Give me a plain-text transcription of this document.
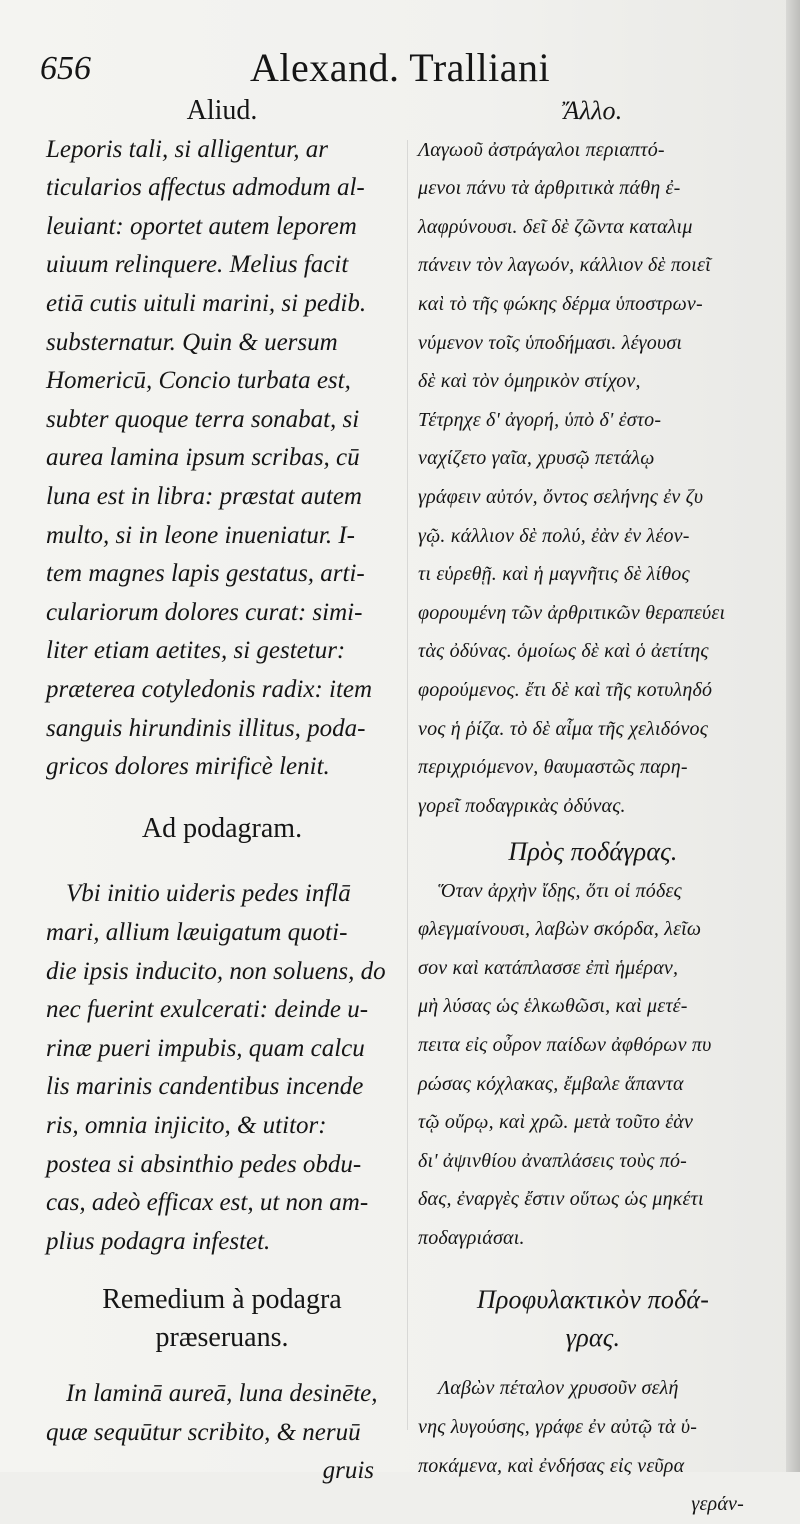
656	Alexand. Tralliani
Aliud.
Leporis tali, si alligentur, ar
ticularios affectus admodum al-
leuiant: oportet autem leporem
uiuum relinquere. Melius facit
etiā cutis uituli marini, si pedib.
substernatur. Quin & uersum
Homericū, Concio turbata est,
subter quoque terra sonabat, si
aurea lamina ipsum scribas, cū
luna est in libra: præstat autem
multo, si in leone inueniatur. I-
tem magnes lapis gestatus, arti-
culariorum dolores curat: simi-
liter etiam aetites, si gestetur:
præterea cotyledonis radix: item
sanguis hirundinis illitus, poda-
gricos dolores mirificè lenit.
Ad podagram.
Vbi initio uideris pedes inflā
mari, allium læuigatum quoti-
die ipsis inducito, non soluens, do
nec fuerint exulcerati: deinde u-
rinæ pueri impubis, quam calcu
lis marinis candentibus incende
ris, omnia injicito, & utitor:
postea si absinthio pedes obdu-
cas, adeò efficax est, ut non am-
plius podagra infestet.
Remedium à podagra
præseruans.
In laminā aureā, luna desinēte,
quæ sequūtur scribito, & neruū
gruis
Ἄλλο.
Λαγωοῦ ἀστράγαλοι περιαπτό-
μενοι πάνυ τὰ ἀρθριτικὰ πάθη ἐ-
λαφρύνουσι. δεῖ δὲ ζῶντα καταλιμ
πάνειν τὸν λαγωόν, κάλλιον δὲ ποιεῖ
καὶ τὸ τῆς φώκης δέρμα ὑποστρων-
νύμενον τοῖς ὑποδήμασι. λέγουσι
δὲ καὶ τὸν ὁμηρικὸν στίχον,
Τέτρηχε δ' ἀγορή, ὑπὸ δ' ἐστο-
ναχίζετο γαῖα, χρυσῷ πετάλῳ
γράφειν αὐτόν, ὄντος σελήνης ἐν ζυ
γῷ. κάλλιον δὲ πολύ, ἐὰν ἐν λέον-
τι εὑρεθῇ. καὶ ἡ μαγνῆτις δὲ λίθος
φορουμένη τῶν ἀρθριτικῶν θεραπεύει
τὰς ὀδύνας. ὁμοίως δὲ καὶ ὁ ἀετίτης
φορούμενος. ἔτι δὲ καὶ τῆς κοτυληδό
νος ἡ ῥίζα. τὸ δὲ αἷμα τῆς χελιδόνος
περιχριόμενον, θαυμαστῶς παρη-
γορεῖ ποδαγρικὰς ὀδύνας.
Πρὸς ποδάγρας.
Ὅταν ἀρχὴν ἴδῃς, ὅτι οἱ πόδες
φλεγμαίνουσι, λαβὼν σκόρδα, λεῖω
σον καὶ κατάπλασσε ἐπὶ ἡμέραν,
μὴ λύσας ὡς ἑλκωθῶσι, καὶ μετέ-
πειτα εἰς οὖρον παίδων ἀφθόρων πυ
ρώσας κόχλακας, ἔμβαλε ἅπαντα
τῷ οὔρῳ, καὶ χρῶ. μετὰ τοῦτο ἐὰν
δι' ἀψινθίου ἀναπλάσεις τοὺς πό-
δας, ἐναργὲς ἔστιν οὕτως ὡς μηκέτι
ποδαγριάσαι.
Προφυλακτικὸν ποδά-
γρας.
Λαβὼν πέταλον χρυσοῦν σελή
νης λυγούσης, γράφε ἐν αὐτῷ τὰ ὑ-
ποκάμενα, καὶ ἐνδήσας εἰς νεῦρα
γεράν-
